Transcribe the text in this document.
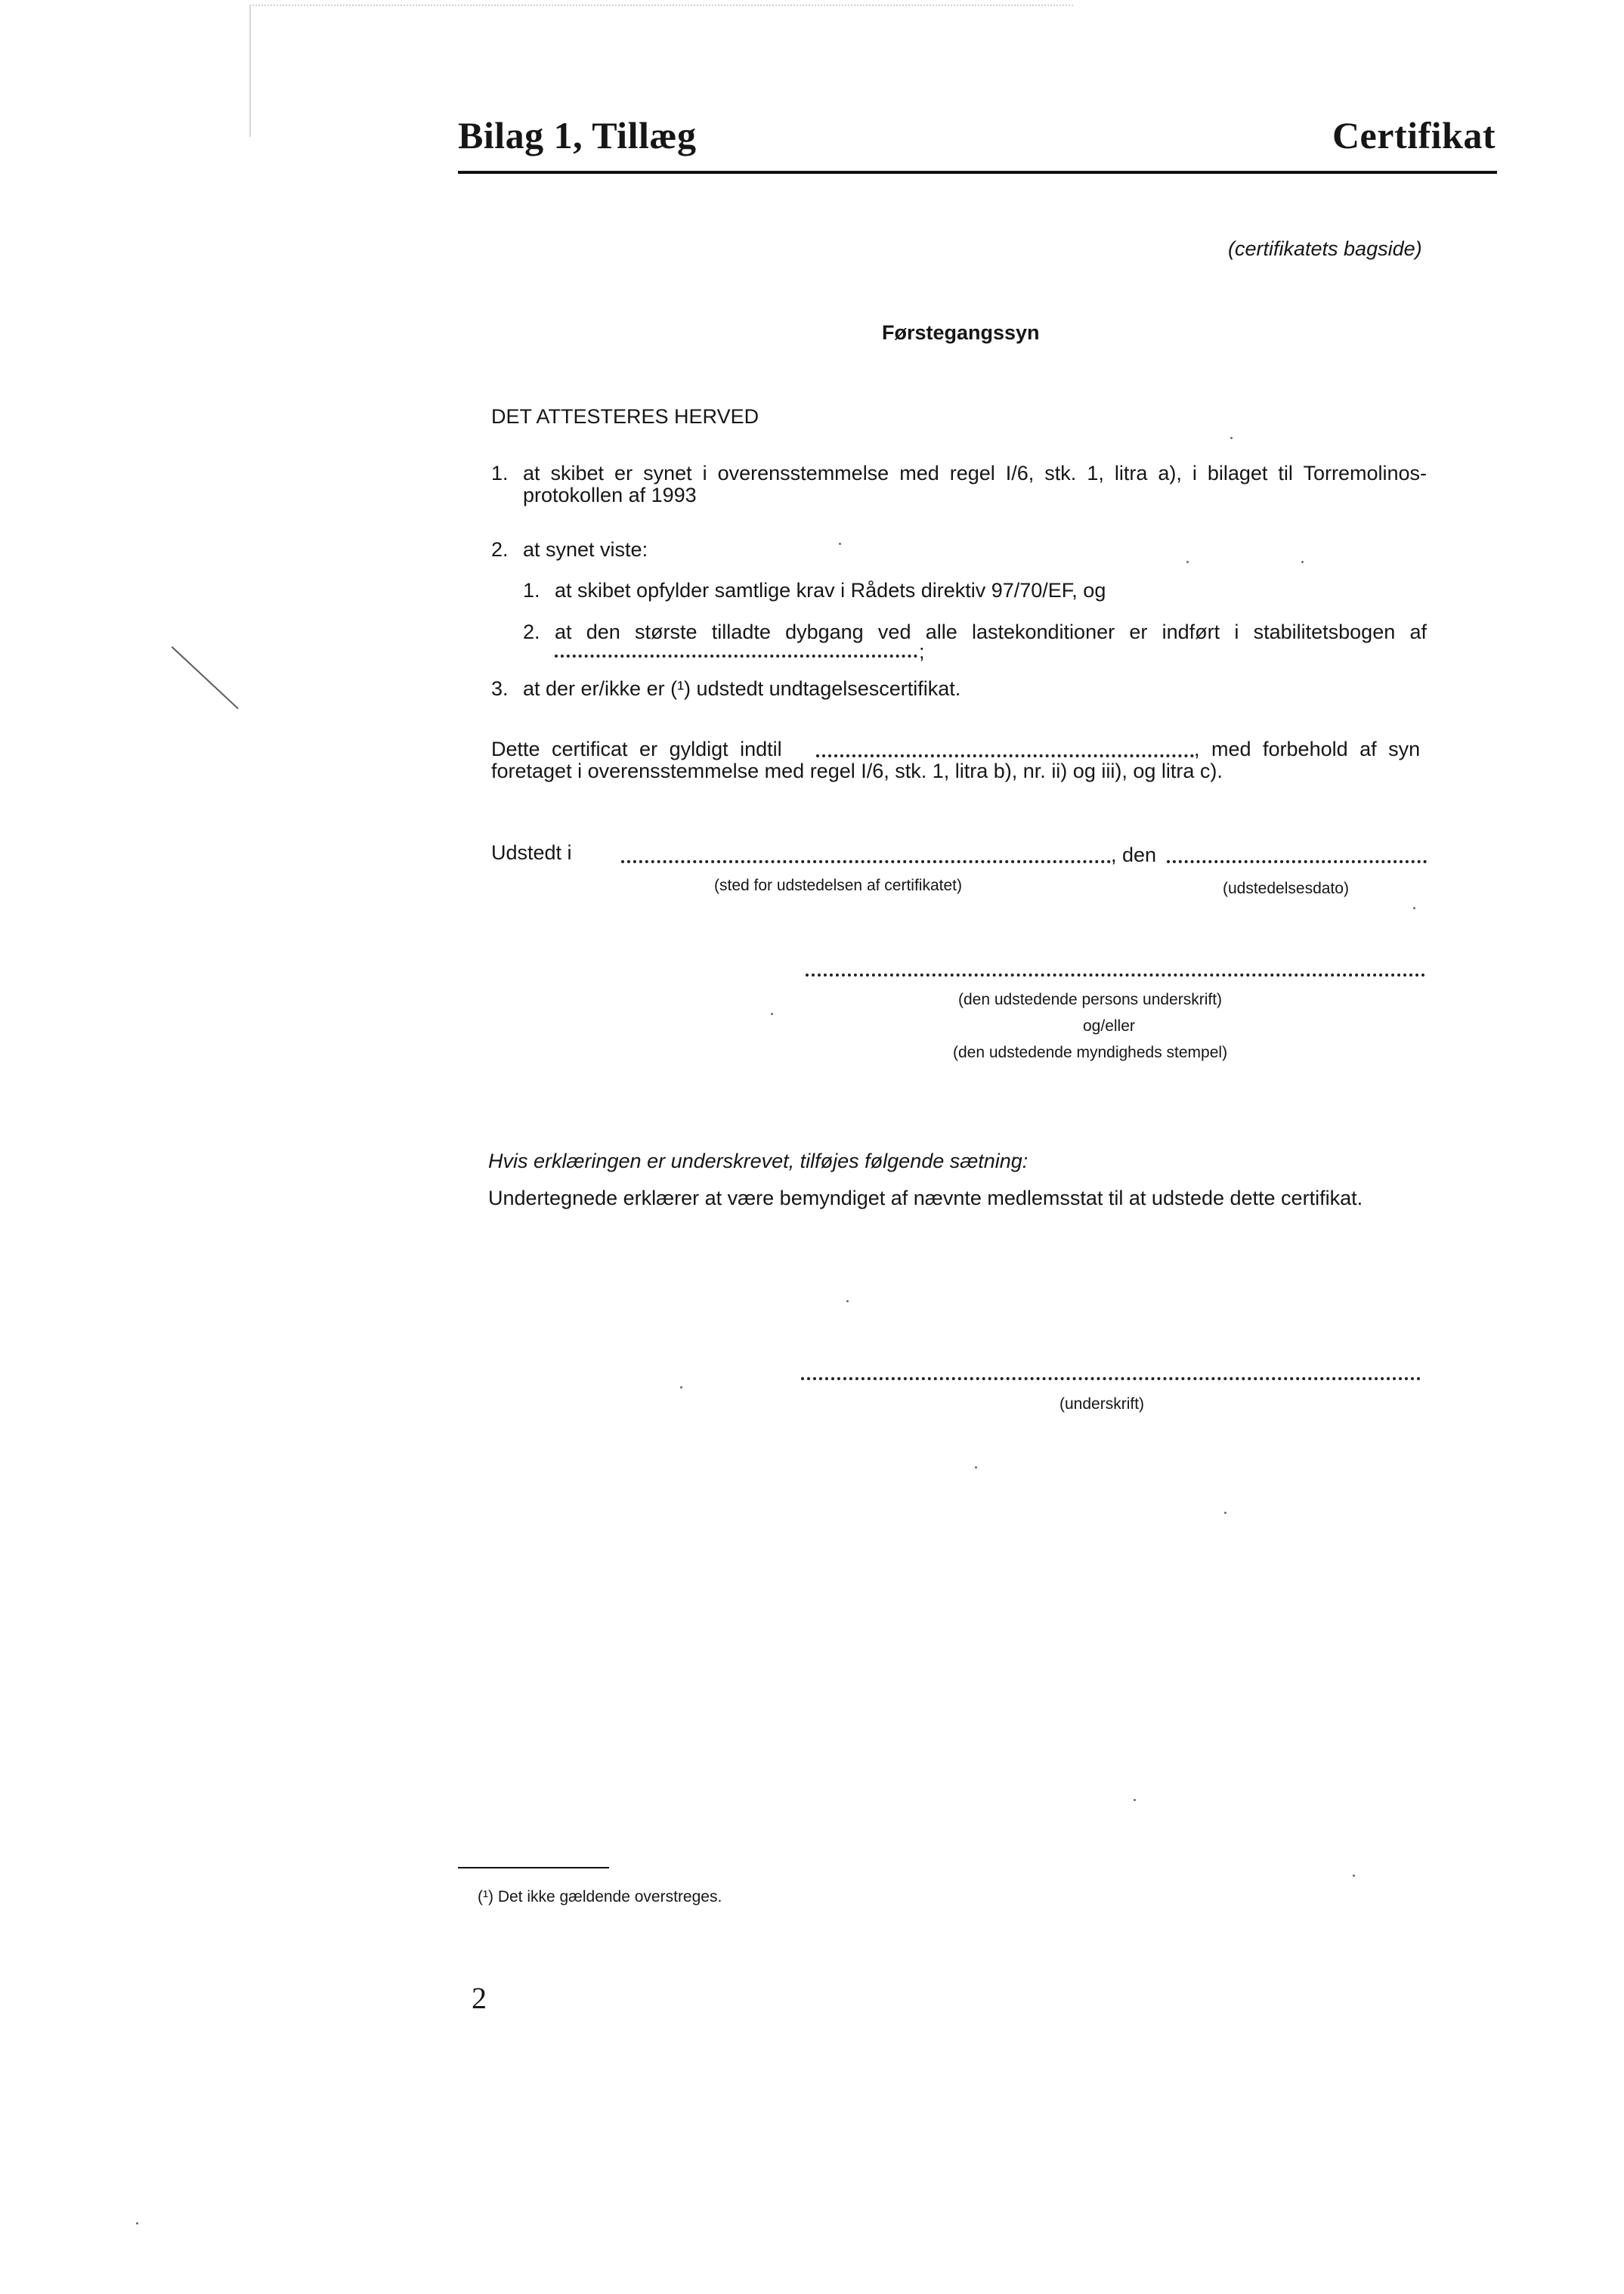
Bilag 1, Tillæg	Certifikat
(certifikatets bagside)
Førstegangssyn
DET ATTESTERES HERVED
1. at skibet er synet i overensstemmelse med regel I/6, stk. 1, litra a), i bilaget til Torremolinos-
protokollen af 1993
2. at synet viste:
1. at skibet opfylder samtlige krav i Rådets direktiv 97/70/EF, og
2. at den største tilladte dybgang ved alle lastekonditioner er indført i stabilitetsbogen af
;
3. at der er/ikke er (¹) udstedt undtagelsescertifikat.
Dette certificat er gyldigt indtil	, med forbehold af syn
foretaget i overensstemmelse med regel I/6, stk. 1, litra b), nr. ii) og iii), og litra c).
Udstedt i	, den
(sted for udstedelsen af certifikatet)	(udstedelsesdato)
(den udstedende persons underskrift)
og/eller
(den udstedende myndigheds stempel)
Hvis erklæringen er underskrevet, tilføjes følgende sætning:
Undertegnede erklærer at være bemyndiget af nævnte medlemsstat til at udstede dette certifikat.
(underskrift)
(¹) Det ikke gældende overstreges.
2
